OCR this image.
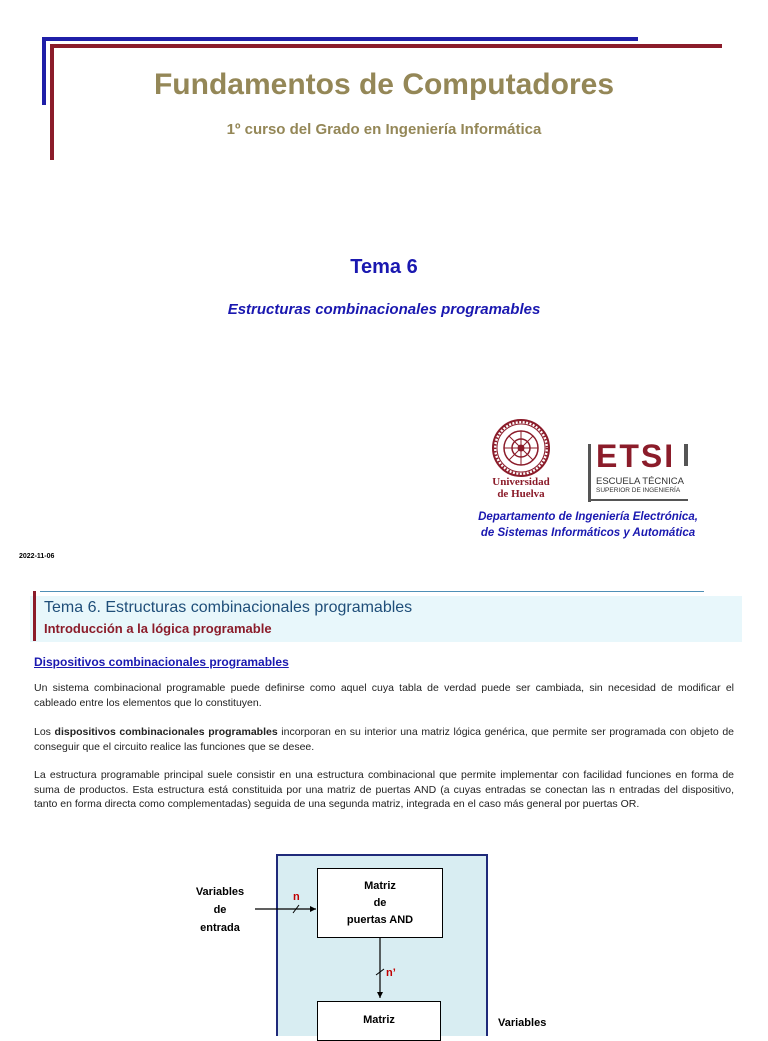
Fundamentos de Computadores
1º curso del Grado en Ingeniería Informática
Tema 6
Estructuras combinacionales programables
Universidad
de Huelva
ETSI
ESCUELA TÉCNICA
SUPERIOR DE INGENIERÍA
Departamento de Ingeniería Electrónica,
de Sistemas Informáticos y Automática
2022-11-06
Tema 6. Estructuras combinacionales programables
Introducción a la lógica programable
Dispositivos combinacionales programables
Un sistema combinacional programable puede definirse como aquel cuya tabla de verdad puede ser cambiada, sin necesidad de modificar el cableado entre los elementos que lo constituyen.
Los dispositivos combinacionales programables incorporan en su interior una matriz lógica genérica, que permite ser programada con objeto de conseguir que el circuito realice las funciones que se desee.
La estructura programable principal suele consistir en una estructura combinacional que permite implementar con facilidad funciones en forma de suma de productos. Esta estructura está constituida por una matriz de puertas AND (a cuyas entradas se conectan las n entradas del dispositivo, tanto en forma directa como complementadas) seguida de una segunda matriz, integrada en el caso más general por puertas OR.
Variables
de
entrada
n
n’
Matriz
de
puertas AND
Matriz	Variables
